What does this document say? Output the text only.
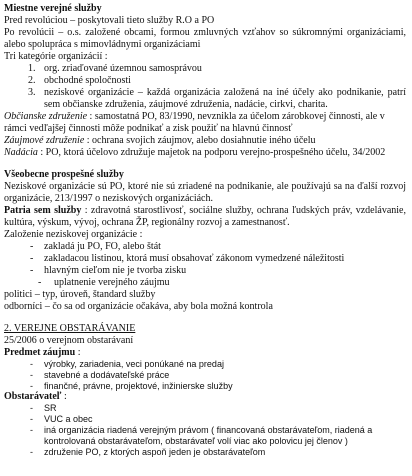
Miestne verejné služby

Pred revolúciou – poskytovali tieto služby R.O a PO

Po revolúcii – o.s. založené obcami, formou zmluvných vzťahov so súkromnými organizáciami, alebo spolupráca s mimovládnymi organizáciami

Tri kategórie organizácií :

1. org. zriaďované územnou samosprávou
2. obchodné spoločnosti
3. neziskové organizácie – každá organizácia založená na iné účely ako podnikanie, patrí sem občianske združenia, záujmové združenia, nadácie, cirkvi, charita.

Občianske združenie : samostatná PO, 83/1990, nevznikla za účelom zárobkovej činnosti, ale v rámci vedľajšej činnosti môže podnikať a zisk použiť na hlavnú činnosť

Záujmové združenie : ochrana svojich záujmov, alebo dosiahnutie iného účelu

Nadácia : PO, ktorá účelovo združuje majetok na podporu verejno-prospešného účelu, 34/2002

Všeobecne prospešné služby

Neziskové organizácie sú PO, ktoré nie sú zriadené na podnikanie, ale používajú sa na ďalší rozvoj organizácie, 213/1997 o neziskových organizáciách.

Patria sem služby : zdravotná starostlivosť, sociálne služby, ochrana ľudských práv, vzdelávanie, kultúra, výskum, vývoj, ochrana ŽP, regionálny rozvoj a zamestnanosť.

Založenie neziskovej organizácie :

-	zakladá ju PO, FO, alebo štát
-	zakladacou listinou, ktorá musí obsahovať zákonom vymedzené náležitosti
-	hlavným cieľom nie je tvorba zisku
-	uplatnenie verejného záujmu

politici – typ, úroveň, štandard služby

odborníci – čo sa od organizácie očakáva, aby bola možná kontrola

2. VEREJNE OBSTARÁVANIE

25/2006 o verejnom obstarávaní

Predmet záujmu :

-	výrobky, zariadenia, veci ponúkané na predaj
-	stavebné a dodávateľské práce
-	finančné, právne, projektové, inžinierske služby

Obstarávateľ :

-	SR
-	VUC a obec
-	iná organizácia riadená verejným právom ( financovaná obstarávateľom, riadená a kontrolovaná obstarávateľom, obstarávateľ volí viac ako polovicu jej členov )
-	združenie PO, z ktorých aspoň jeden je obstarávateľom
